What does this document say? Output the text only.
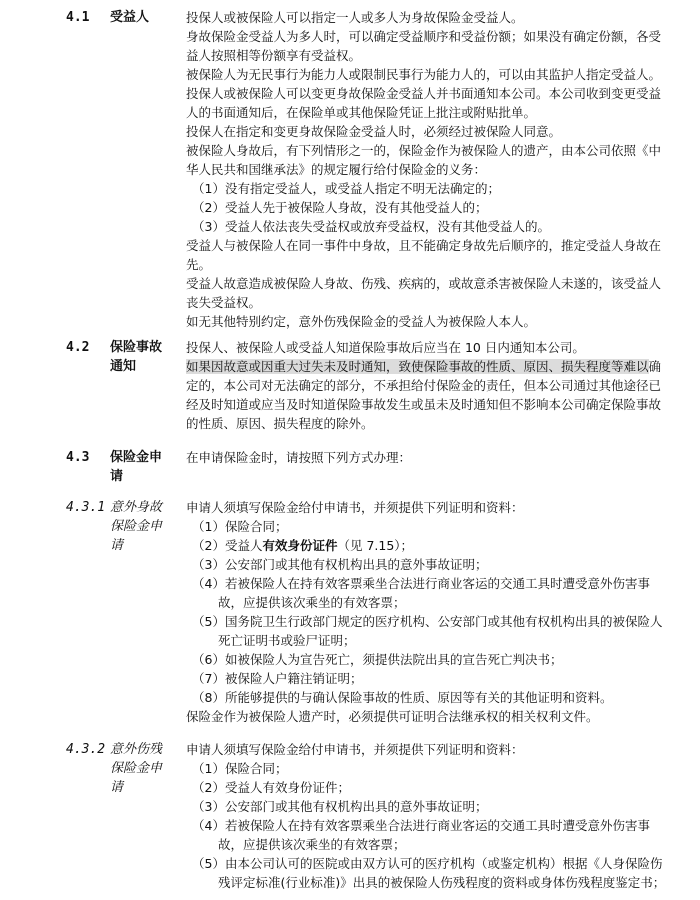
4.1 受益人	投保人或被保险人可以指定一人或多人为身故保险金受益人。

身故保险金受益人为多人时，可以确定受益顺序和受益份额；如果没有确定份额，各受益人按照相等份额享有受益权。

被保险人为无民事行为能力人或限制民事行为能力人的，可以由其监护人指定受益人。

投保人或被保险人可以变更身故保险金受益人并书面通知本公司。本公司收到变更受益人的书面通知后，在保险单或其他保险凭证上批注或附贴批单。

投保人在指定和变更身故保险金受益人时，必须经过被保险人同意。

被保险人身故后，有下列情形之一的，保险金作为被保险人的遗产，由本公司依照《中华人民共和国继承法》的规定履行给付保险金的义务：

（1）没有指定受益人，或受益人指定不明无法确定的；

（2）受益人先于被保险人身故，没有其他受益人的；

（3）受益人依法丧失受益权或放弃受益权，没有其他受益人的。

受益人与被保险人在同一事件中身故，且不能确定身故先后顺序的，推定受益人身故在先。

受益人故意造成被保险人身故、伤残、疾病的，或故意杀害被保险人未遂的，该受益人丧失受益权。

如无其他特别约定，意外伤残保险金的受益人为被保险人本人。

4.2 保险事故通知

投保人、被保险人或受益人知道保险事故后应当在 10 日内通知本公司。

如果因故意或因重大过失未及时通知，致使保险事故的性质、原因、损失程度等难以确定的，本公司对无法确定的部分，不承担给付保险金的责任，但本公司通过其他途径已经及时知道或应当及时知道保险事故发生或虽未及时通知但不影响本公司确定保险事故的性质、原因、损失程度的除外。

4.3 保险金申请

在申请保险金时，请按照下列方式办理：

4.3.1 意外身故保险金申请

申请人须填写保险金给付申请书，并须提供下列证明和资料：

（1）保险合同；

（2）受益人有效身份证件（见 7.15）；

（3）公安部门或其他有权机构出具的意外事故证明；

（4）若被保险人在持有效客票乘坐合法进行商业客运的交通工具时遭受意外伤害事故，应提供该次乘坐的有效客票；

（5）国务院卫生行政部门规定的医疗机构、公安部门或其他有权机构出具的被保险人死亡证明书或验尸证明；

（6）如被保险人为宣告死亡，须提供法院出具的宣告死亡判决书；

（7）被保险人户籍注销证明；

（8）所能够提供的与确认保险事故的性质、原因等有关的其他证明和资料。

保险金作为被保险人遗产时，必须提供可证明合法继承权的相关权利文件。

4.3.2 意外伤残保险金申请

申请人须填写保险金给付申请书，并须提供下列证明和资料：

（1）保险合同；

（2）受益人有效身份证件；

（3）公安部门或其他有权机构出具的意外事故证明；

（4）若被保险人在持有效客票乘坐合法进行商业客运的交通工具时遭受意外伤害事故，应提供该次乘坐的有效客票；

（5）由本公司认可的医院或由双方认可的医疗机构（或鉴定机构）根据《人身保险伤残评定标准(行业标准)》出具的被保险人伤残程度的资料或身体伤残程度鉴定书；
